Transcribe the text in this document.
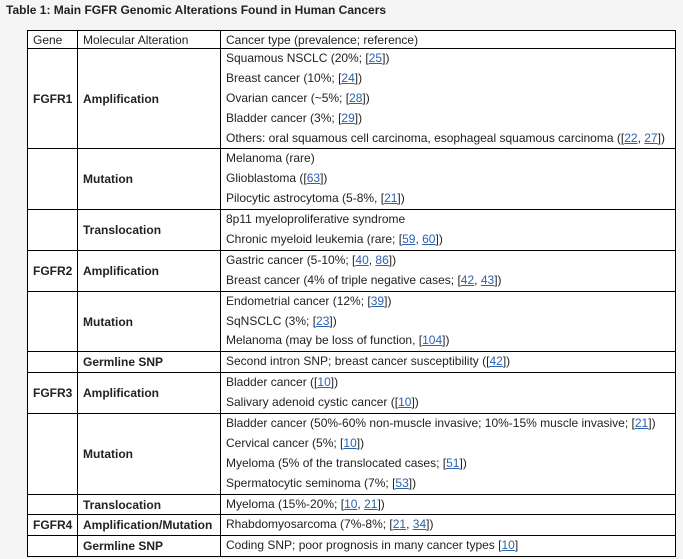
Table 1: Main FGFR Genomic Alterations Found in Human Cancers
Gene	Molecular Alteration	Cancer type (prevalence; reference)
FGFR1	Amplification	Squamous NSCLC (20%; [25])
Breast cancer (10%; [24])
Ovarian cancer (~5%; [28])
Bladder cancer (3%; [29])
Others: oral squamous cell carcinoma, esophageal squamous carcinoma ([22, 27])

	Mutation	Melanoma (rare)
Glioblastoma ([63])
Pilocytic astrocytoma (5-8%, [21])

	Translocation	8p11 myeloproliferative syndrome
Chronic myeloid leukemia (rare; [59, 60])

FGFR2	Amplification	Gastric cancer (5-10%; [40, 86])
Breast cancer (4% of triple negative cases; [42, 43])

	Mutation	Endometrial cancer (12%; [39])
SqNSCLC (3%; [23])
Melanoma (may be loss of function, [104])

	Germline SNP	Second intron SNP; breast cancer susceptibility ([42])

FGFR3	Amplification	Bladder cancer ([10])
Salivary adenoid cystic cancer ([10])

	Mutation	Bladder cancer (50%-60% non-muscle invasive; 10%-15% muscle invasive; [21])
Cervical cancer (5%; [10])
Myeloma (5% of the translocated cases; [51])
Spermatocytic seminoma (7%; [53])

	Translocation	Myeloma (15%-20%; [10, 21])

FGFR4	Amplification/Mutation	Rhabdomyosarcoma (7%-8%; [21, 34])

	Germline SNP	Coding SNP; poor prognosis in many cancer types [10]
